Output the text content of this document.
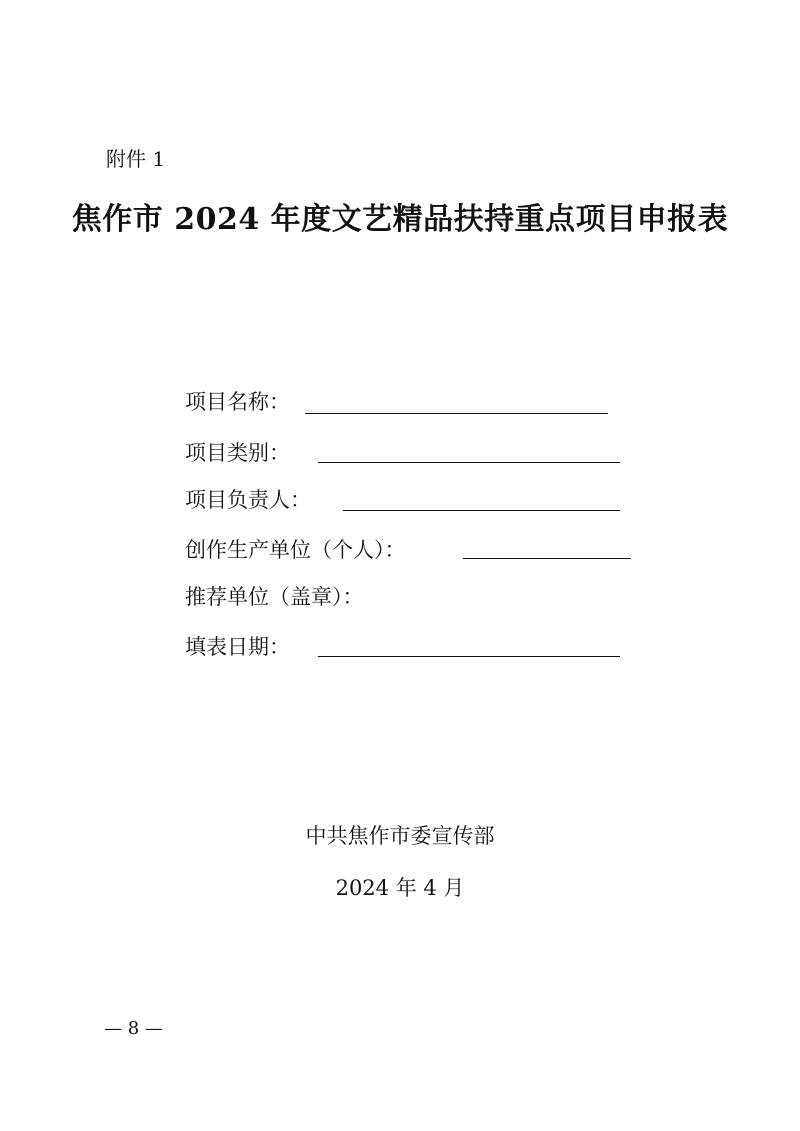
附件 1
焦作市 2024 年度文艺精品扶持重点项目申报表
项目名称：
项目类别：
项目负责人：
创作生产单位（个人）：
推荐单位（盖章）：
填表日期：
中共焦作市委宣传部
2024 年 4 月
— 8 —
